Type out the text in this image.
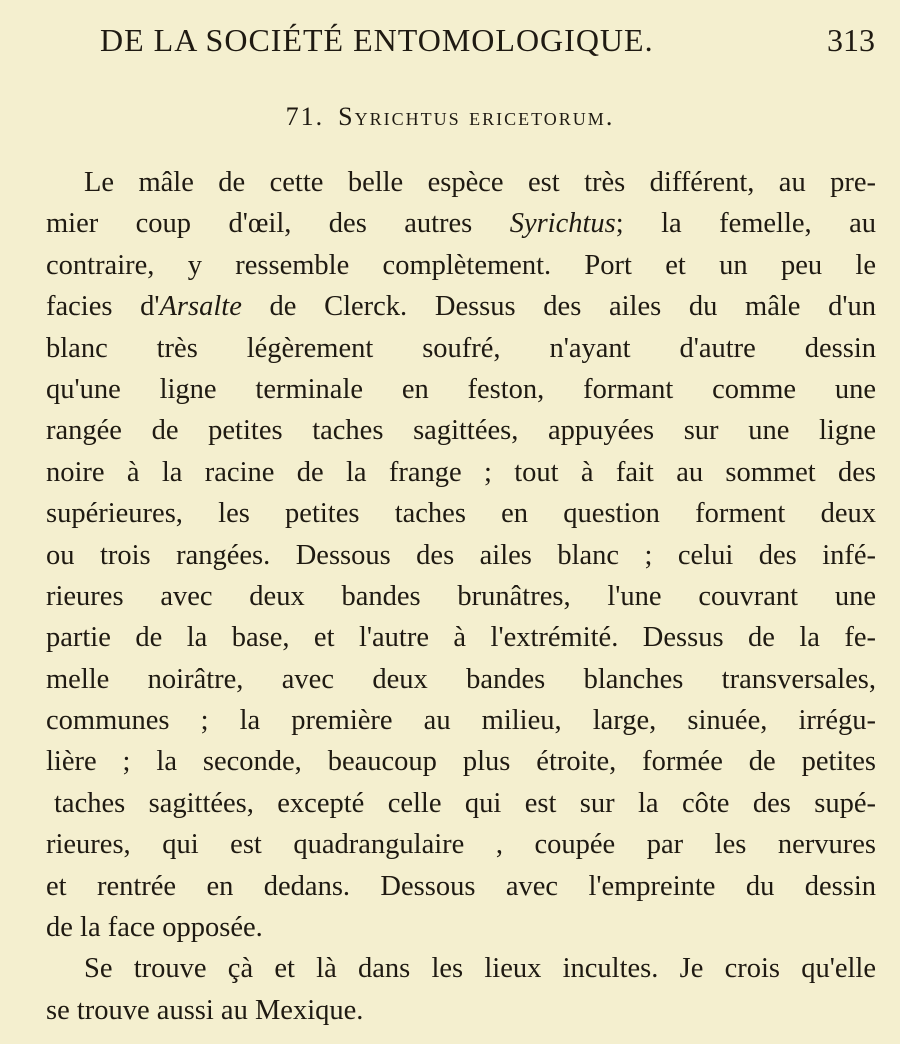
DE LA SOCIÉTÉ ENTOMOLOGIQUE.	313
71. Syrichtus ericetorum.
Le mâle de cette belle espèce est très différent, au pre-
mier coup d'œil, des autres Syrichtus; la femelle, au
contraire, y ressemble complètement. Port et un peu le
facies d'Arsalte de Clerck. Dessus des ailes du mâle d'un
blanc très légèrement soufré, n'ayant d'autre dessin
qu'une ligne terminale en feston, formant comme une
rangée de petites taches sagittées, appuyées sur une ligne
noire à la racine de la frange ; tout à fait au sommet des
supérieures, les petites taches en question forment deux
ou trois rangées. Dessous des ailes blanc ; celui des infé-
rieures avec deux bandes brunâtres, l'une couvrant une
partie de la base, et l'autre à l'extrémité. Dessus de la fe-
melle noirâtre, avec deux bandes blanches transversales,
communes ; la première au milieu, large, sinuée, irrégu-
lière ; la seconde, beaucoup plus étroite, formée de petites
taches sagittées, excepté celle qui est sur la côte des supé-
rieures, qui est quadrangulaire , coupée par les nervures
et rentrée en dedans. Dessous avec l'empreinte du dessin
de la face opposée.
Se trouve çà et là dans les lieux incultes. Je crois qu'elle
se trouve aussi au Mexique.
